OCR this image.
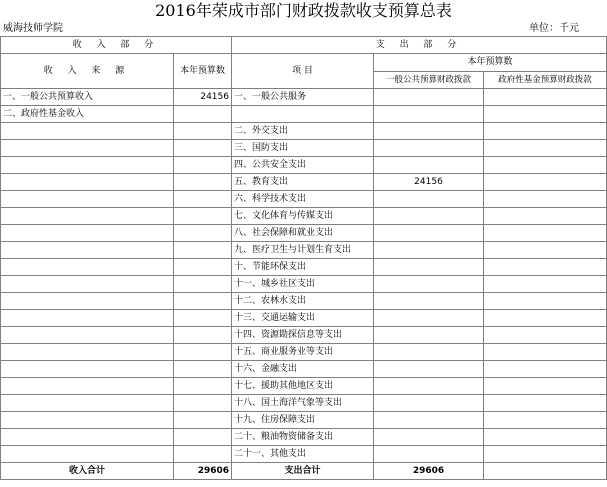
2016年荣成市部门财政拨款收支预算总表
威海技师学院	单位：千元
收 入 部 分		支 出 部 分		
收 入 来 源	本年预算数	项 目	本年预算数	
			一般公共预算财政拨款	政府性基金预算财政拨款
一、一般公共预算收入	24156	一、一般公共服务		
二、政府性基金收入				
		二、外交支出		
		三、国防支出		
		四、公共安全支出		
		五、教育支出	24156	
		六、科学技术支出		
		七、文化体育与传媒支出		
		八、社会保障和就业支出		
		九、医疗卫生与计划生育支出		
		十、节能环保支出		
		十一、城乡社区支出		
		十二、农林水支出		
		十三、交通运输支出		
		十四、资源勘探信息等支出		
		十五、商业服务业等支出		
		十六、金融支出		
		十七、援助其他地区支出		
		十八、国土海洋气象等支出		
		十九、住房保障支出		
		二十、粮油物资储备支出		
		二十一、其他支出		
收入合计	29606	支出合计	29606	
